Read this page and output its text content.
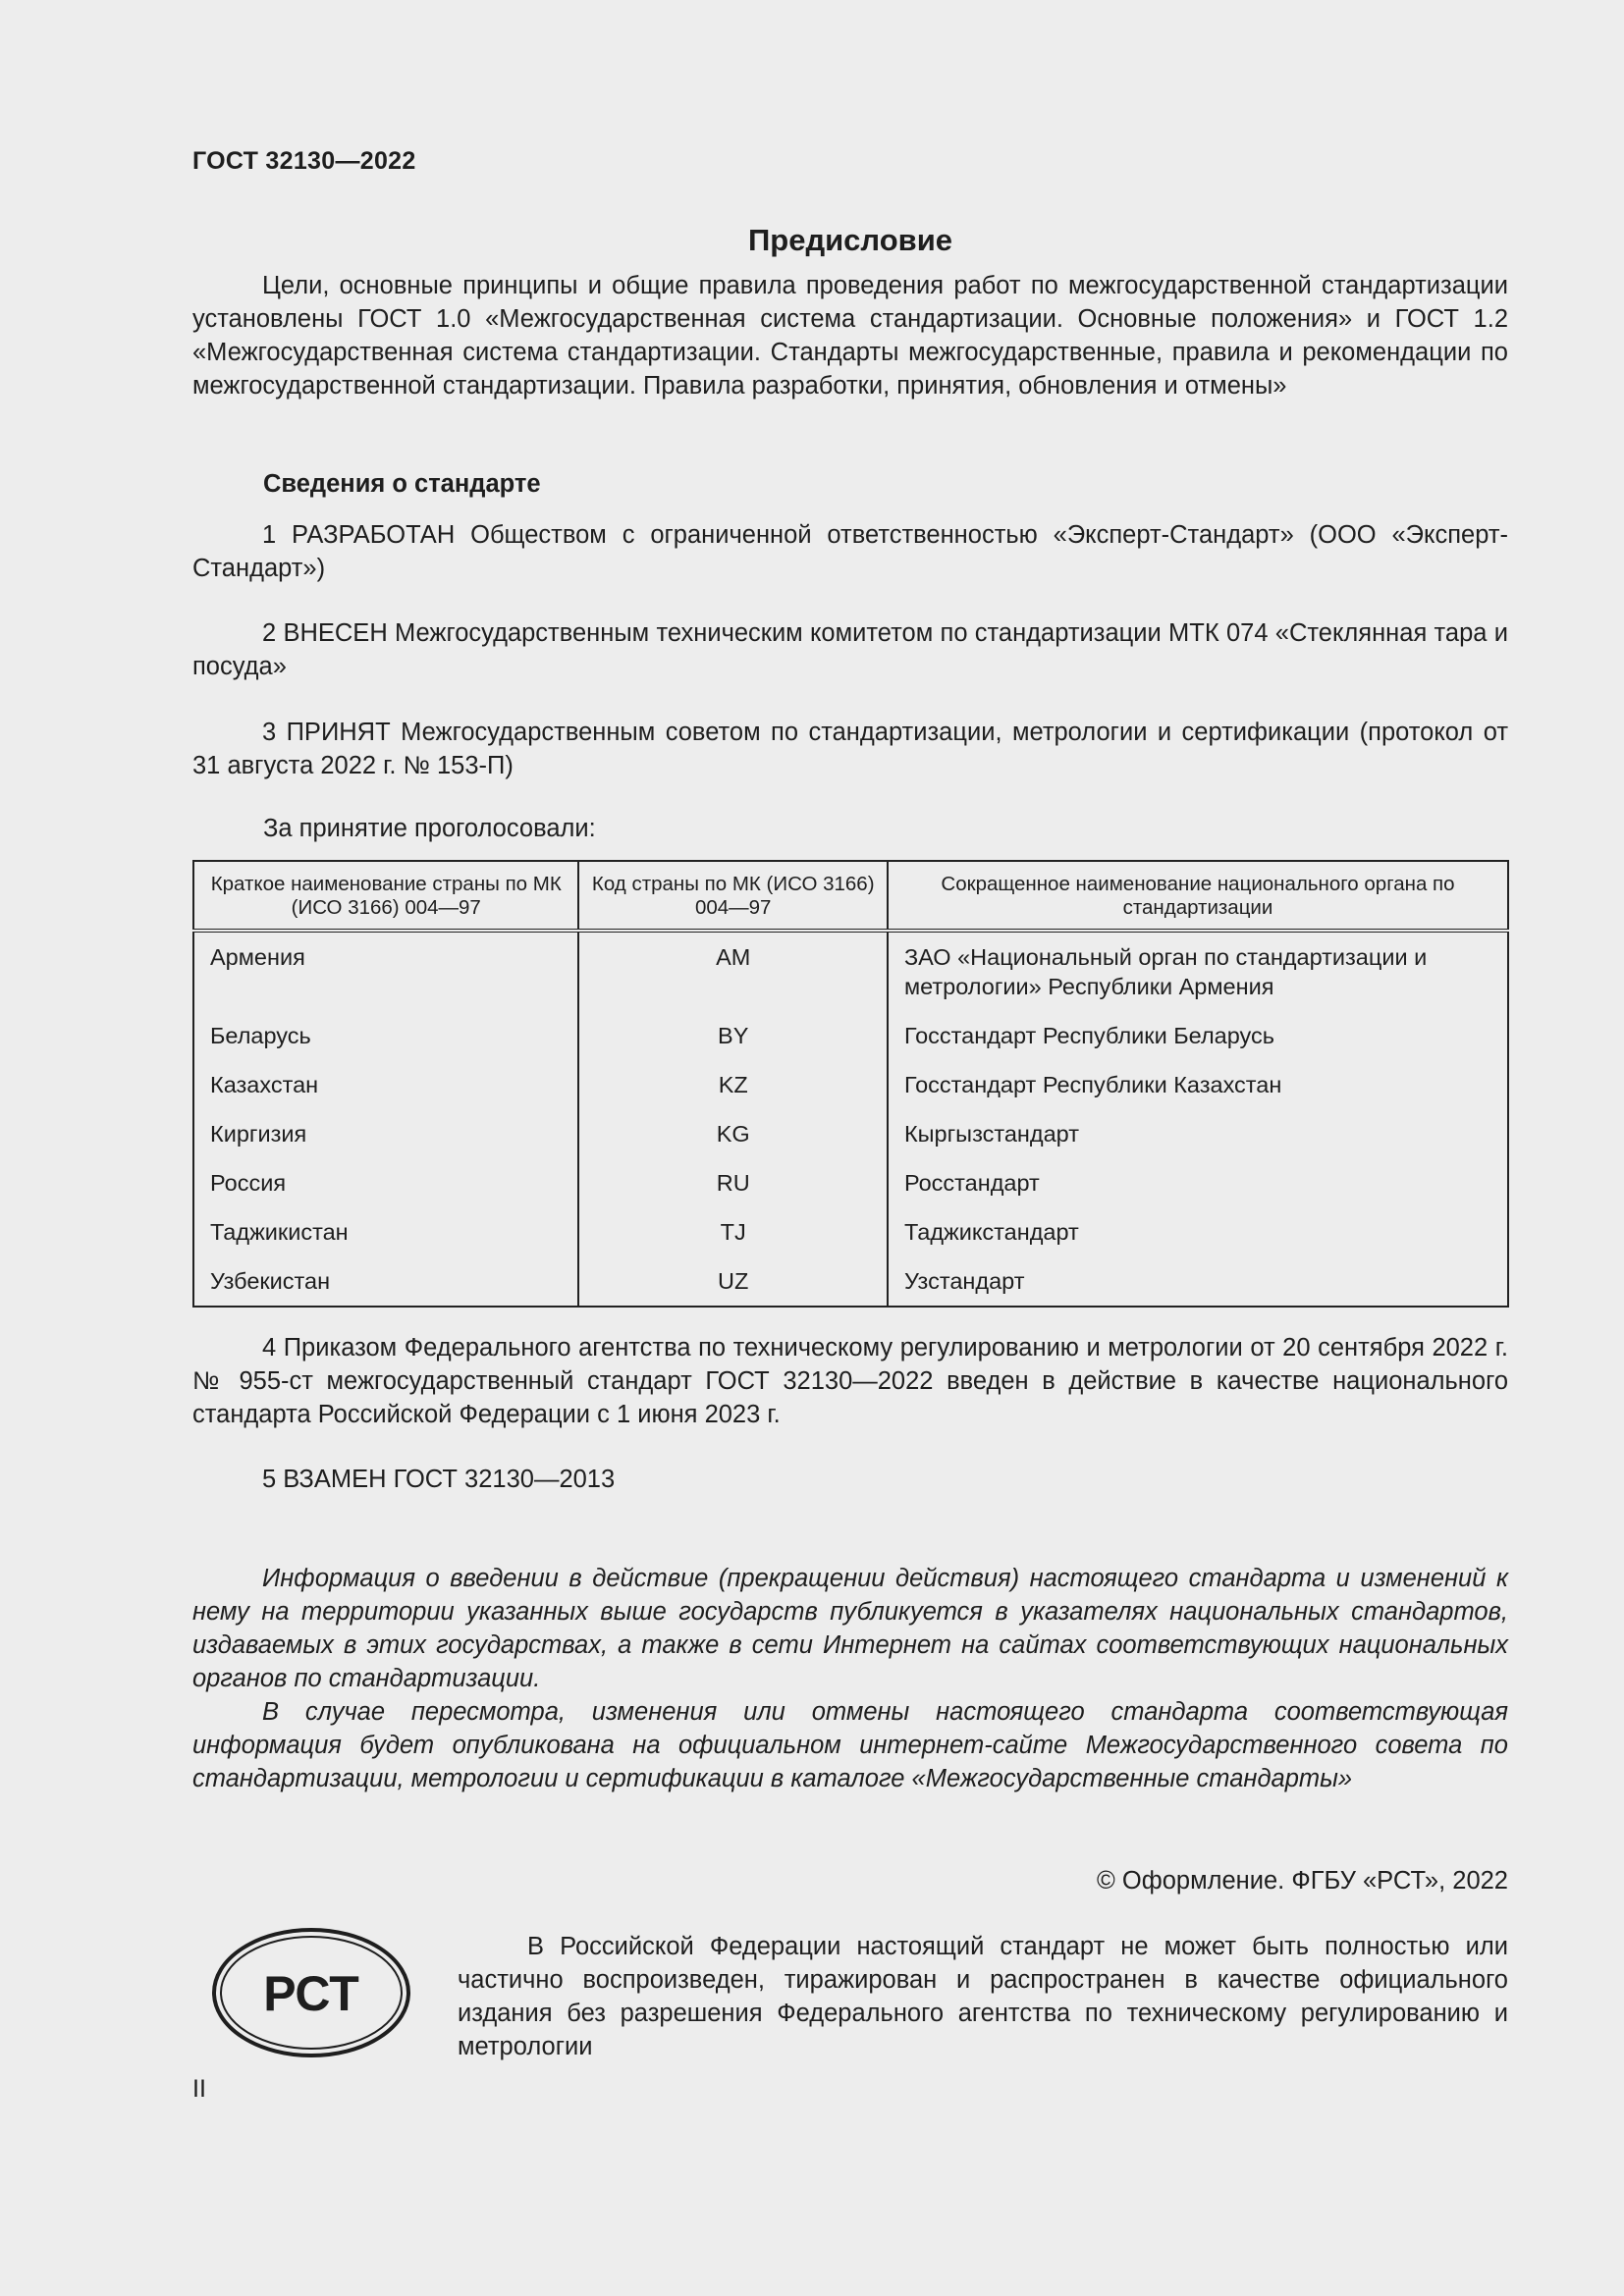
ГОСТ 32130—2022
Предисловие

Цели, основные принципы и общие правила проведения работ по межгосударственной стандартизации установлены ГОСТ 1.0 «Межгосударственная система стандартизации. Основные положения» и ГОСТ 1.2 «Межгосударственная система стандартизации. Стандарты межгосударственные, правила и рекомендации по межгосударственной стандартизации. Правила разработки, принятия, обновления и отмены»

Сведения о стандарте

1 РАЗРАБОТАН Обществом с ограниченной ответственностью «Эксперт-Стандарт» (ООО «Эксперт-Стандарт»)

2 ВНЕСЕН Межгосударственным техническим комитетом по стандартизации МТК 074 «Стеклянная тара и посуда»

3 ПРИНЯТ Межгосударственным советом по стандартизации, метрологии и сертификации (протокол от 31 августа 2022 г. № 153-П)

За принятие проголосовали:
Краткое наименование страны по МК (ИСО 3166) 004—97	Код страны по МК (ИСО 3166) 004—97	Сокращенное наименование национального органа по стандартизации
Армения	AM	ЗАО «Национальный орган по стандартизации и метрологии» Республики Армения
Беларусь	BY	Госстандарт Республики Беларусь
Казахстан	KZ	Госстандарт Республики Казахстан
Киргизия	KG	Кыргызстандарт
Россия	RU	Росстандарт
Таджикистан	TJ	Таджикстандарт
Узбекистан	UZ	Узстандарт

4 Приказом Федерального агентства по техническому регулированию и метрологии от 20 сентября 2022 г. № 955-ст межгосударственный стандарт ГОСТ 32130—2022 введен в действие в качестве национального стандарта Российской Федерации с 1 июня 2023 г.

5 ВЗАМЕН ГОСТ 32130—2013

Информация о введении в действие (прекращении действия) настоящего стандарта и изменений к нему на территории указанных выше государств публикуется в указателях национальных стандартов, издаваемых в этих государствах, а также в сети Интернет на сайтах соответствующих национальных органов по стандартизации.

В случае пересмотра, изменения или отмены настоящего стандарта соответствующая информация будет опубликована на официальном интернет-сайте Межгосударственного совета по стандартизации, метрологии и сертификации в каталоге «Межгосударственные стандарты»

© Оформление. ФГБУ «РСТ», 2022
РСТ

В Российской Федерации настоящий стандарт не может быть полностью или частично воспроизведен, тиражирован и распространен в качестве официального издания без разрешения Федерального агентства по техническому регулированию и метрологии

II
